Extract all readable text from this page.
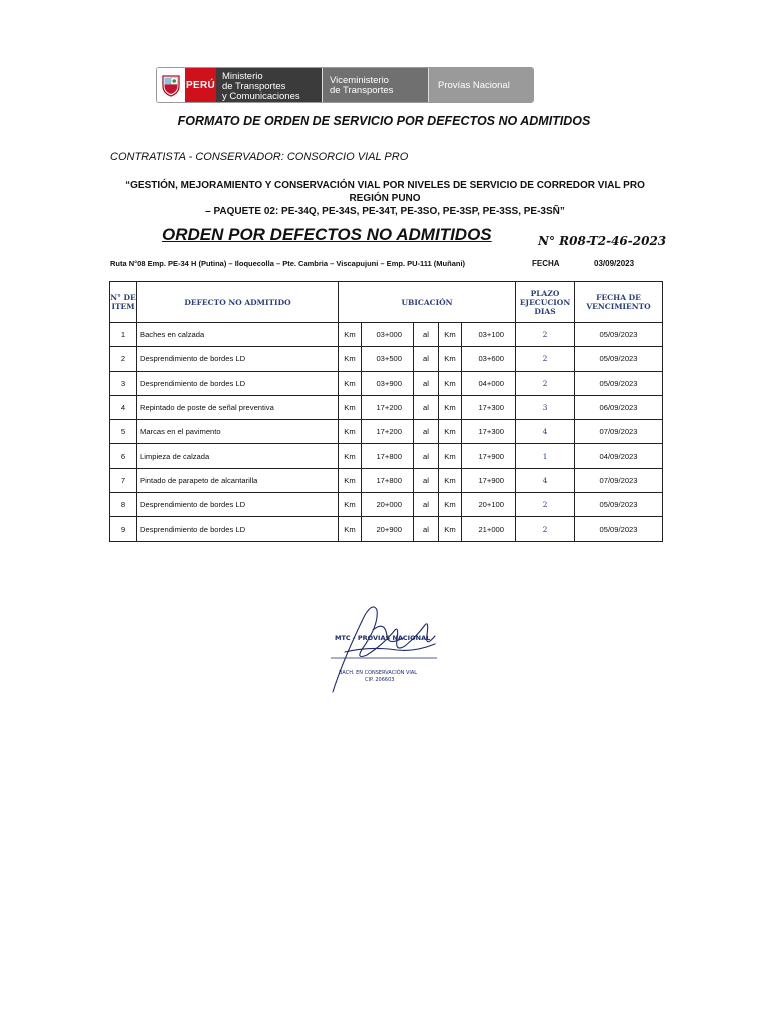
PERÚ
Ministerio
de Transportes
y Comunicaciones
Viceministerio
de Transportes	Provías Nacional
FORMATO DE ORDEN DE SERVICIO POR DEFECTOS NO ADMITIDOS
CONTRATISTA - CONSERVADOR: CONSORCIO VIAL PRO
“GESTIÓN, MEJORAMIENTO Y CONSERVACIÓN VIAL POR NIVELES DE SERVICIO DE CORREDOR VIAL PRO REGIÓN PUNO
– PAQUETE 02: PE-34Q, PE-34S, PE-34T, PE-3SO, PE-3SP, PE-3SS, PE-3SÑ”
ORDEN POR DEFECTOS NO ADMITIDOS	N° R08-T2-46-2023
Ruta N°08 Emp. PE-34 H (Putina) – Iloquecolla – Pte. Cambria – Viscapujuni – Emp. PU-111 (Muñani)	FECHA	03/09/2023
N° DE ITEM	DEFECTO NO ADMITIDO	UBICACIÓN					PLAZO EJECUCION DIAS	FECHA DE VENCIMIENTO
1	Baches en calzada	Km	03+000	al	Km	03+100	2	05/09/2023
2	Desprendimiento de bordes LD	Km	03+500	al	Km	03+600	2	05/09/2023
3	Desprendimiento de bordes LD	Km	03+900	al	Km	04+000	2	05/09/2023
4	Repintado de poste de señal preventiva	Km	17+200	al	Km	17+300	3	06/09/2023
5	Marcas en el pavimento	Km	17+200	al	Km	17+300	4	07/09/2023
6	Limpieza de calzada	Km	17+800	al	Km	17+900	1	04/09/2023
7	Pintado de parapeto de alcantarilla	Km	17+800	al	Km	17+900	4	07/09/2023
8	Desprendimiento de bordes LD	Km	20+000	al	Km	20+100	2	05/09/2023
9	Desprendimiento de bordes LD	Km	20+900	al	Km	21+000	2	05/09/2023
MTC - PROVIAS NACIONAL
BACH. EN CONSERVACIÓN VIAL
CIP. 206603
